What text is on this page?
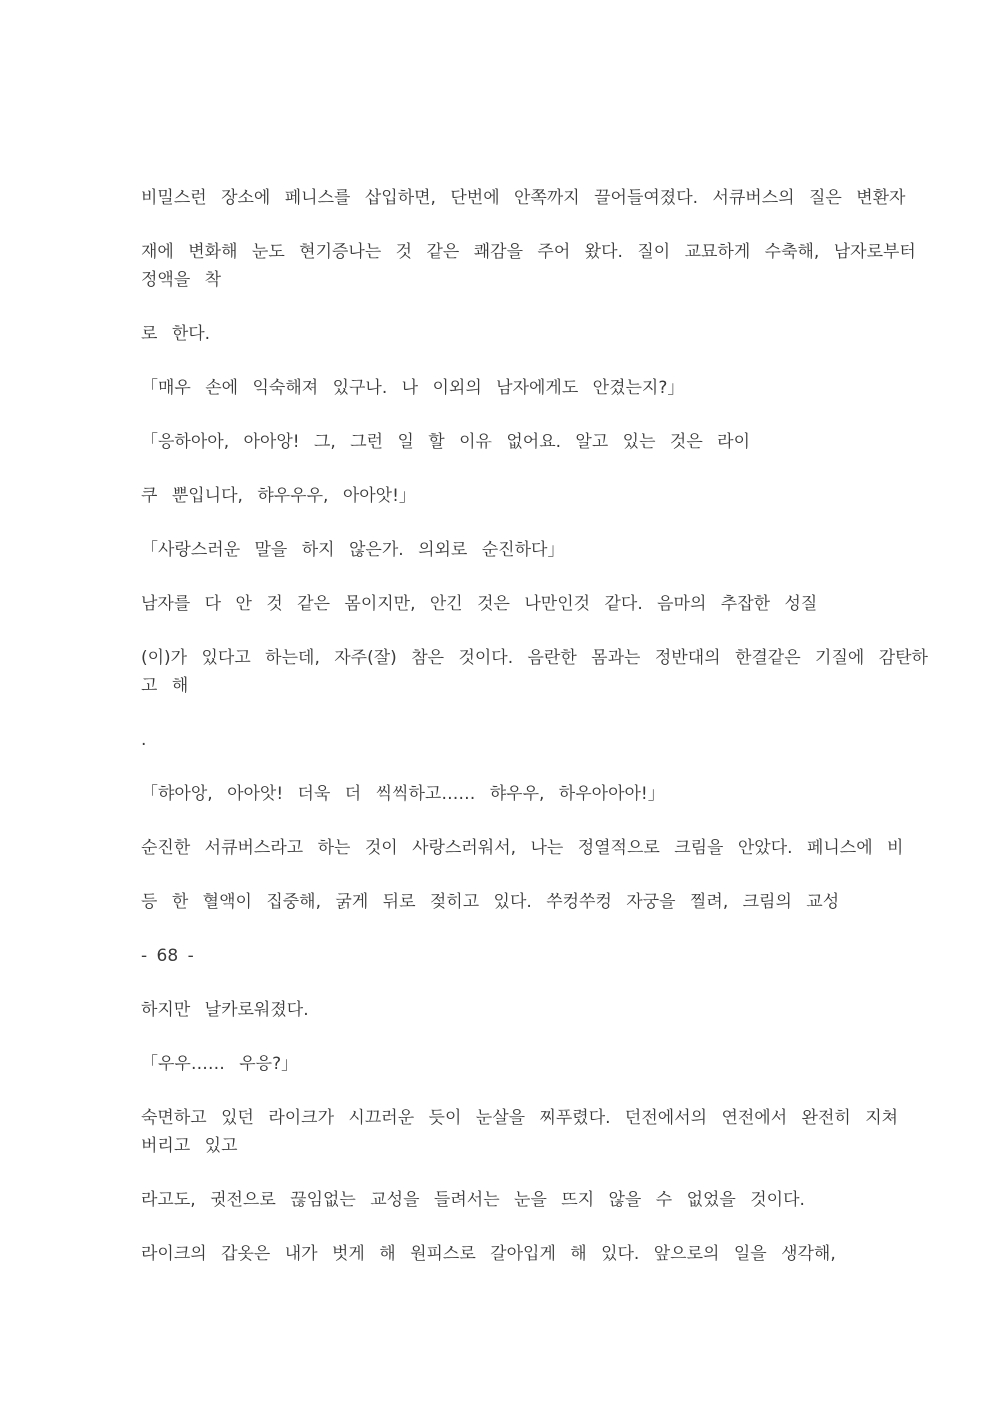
비밀스런 장소에 페니스를 삽입하면, 단번에 안쪽까지 끌어들여졌다. 서큐버스의 질은 변환자
재에 변화해 눈도 현기증나는 것 같은 쾌감을 주어 왔다. 질이 교묘하게 수축해, 남자로부터
정액을 착
로 한다.
「매우 손에 익숙해져 있구나. 나 이외의 남자에게도 안겼는지?」
「응하아아, 아아앙! 그, 그런 일 할 이유 없어요. 알고 있는 것은 라이
쿠 뿐입니다, 햐우우우, 아아앗!」
「사랑스러운 말을 하지 않은가. 의외로 순진하다」
남자를 다 안 것 같은 몸이지만, 안긴 것은 나만인것 같다. 음마의 추잡한 성질
(이)가 있다고 하는데, 자주(잘) 참은 것이다. 음란한 몸과는 정반대의 한결같은 기질에 감탄하
고 해
.
「햐아앙, 아아앗! 더욱 더 씩씩하고…… 햐우우, 하우아아아!」
순진한 서큐버스라고 하는 것이 사랑스러워서, 나는 정열적으로 크림을 안았다. 페니스에 비
등 한 혈액이 집중해, 굵게 뒤로 젖히고 있다. 쑤컹쑤컹 자궁을 찔려, 크림의 교성
- 68 -
하지만 날카로워졌다.
「우우…… 우응?」
숙면하고 있던 라이크가 시끄러운 듯이 눈살을 찌푸렸다. 던전에서의 연전에서 완전히 지쳐
버리고 있고
라고도, 귓전으로 끊임없는 교성을 들려서는 눈을 뜨지 않을 수 없었을 것이다.
라이크의 갑옷은 내가 벗게 해 원피스로 갈아입게 해 있다. 앞으로의 일을 생각해,
